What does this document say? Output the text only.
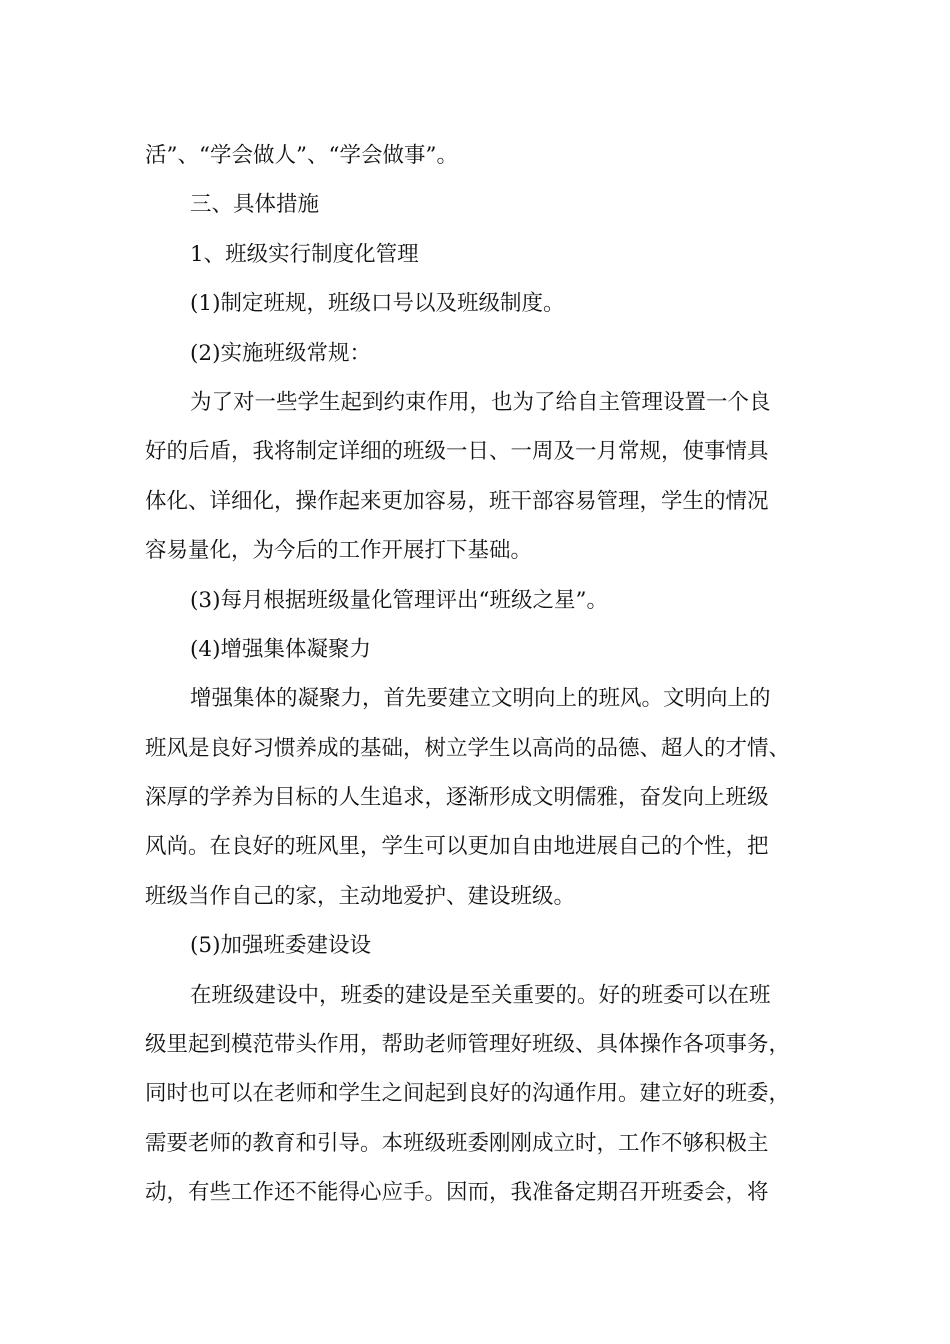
活”、“学会做人”、“学会做事”。
三、具体措施
1、班级实行制度化管理
(1)制定班规，班级口号以及班级制度。
(2)实施班级常规：
为了对一些学生起到约束作用，也为了给自主管理设置一个良
好的后盾，我将制定详细的班级一日、一周及一月常规，使事情具
体化、详细化，操作起来更加容易，班干部容易管理，学生的情况
容易量化，为今后的工作开展打下基础。
(3)每月根据班级量化管理评出“班级之星”。
(4)增强集体凝聚力
增强集体的凝聚力，首先要建立文明向上的班风。文明向上的
班风是良好习惯养成的基础，树立学生以高尚的品德、超人的才情、
深厚的学养为目标的人生追求，逐渐形成文明儒雅，奋发向上班级
风尚。在良好的班风里，学生可以更加自由地进展自己的个性，把
班级当作自己的家，主动地爱护、建设班级。
(5)加强班委建设设
在班级建设中，班委的建设是至关重要的。好的班委可以在班
级里起到模范带头作用，帮助老师管理好班级、具体操作各项事务，
同时也可以在老师和学生之间起到良好的沟通作用。建立好的班委，
需要老师的教育和引导。本班级班委刚刚成立时，工作不够积极主
动，有些工作还不能得心应手。因而，我准备定期召开班委会，将
